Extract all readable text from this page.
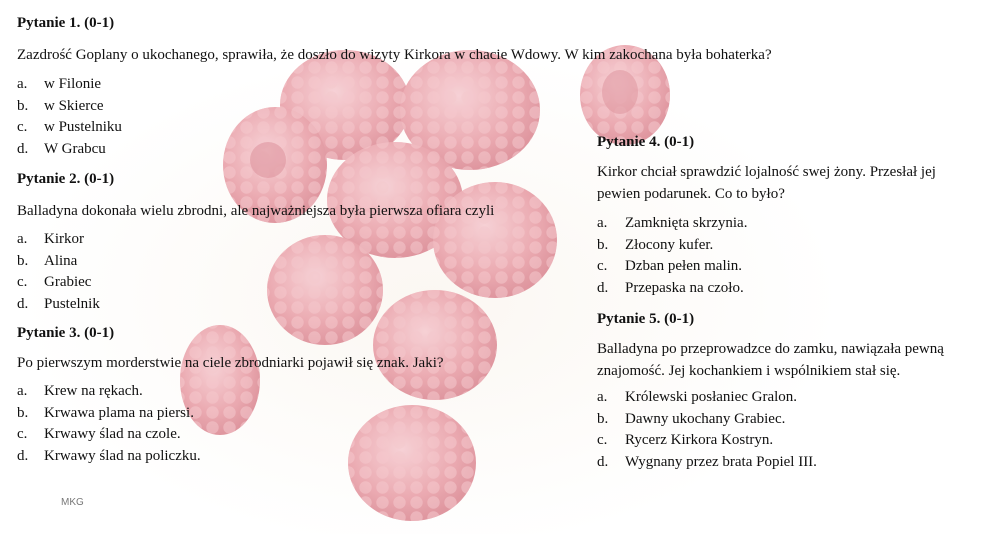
Pytanie 1. (0-1)
Zazdrość Goplany o ukochanego, sprawiła, że doszło do wizyty Kirkora w chacie Wdowy. W kim zakochana była bohaterka?
a.	w Filonie
b.	w Skierce
c.	w Pustelniku
d.	W Grabcu
Pytanie 2. (0-1)
Balladyna dokonała wielu zbrodni, ale najważniejsza była pierwsza ofiara czyli
a.	Kirkor
b.	Alina
c.	Grabiec
d.	Pustelnik
Pytanie 3. (0-1)
Po pierwszym morderstwie na ciele zbrodniarki pojawił się znak. Jaki?
a.	Krew na rękach.
b.	Krwawa plama na piersi.
c.	Krwawy ślad na czole.
d.	Krwawy ślad na policzku.
Pytanie 4. (0-1)
Kirkor chciał sprawdzić lojalność swej żony. Przesłał jej pewien podarunek. Co to było?
a.	Zamknięta skrzynia.
b.	Złocony kufer.
c.	Dzban pełen malin.
d.	Przepaska na czoło.
Pytanie 5. (0-1)
Balladyna po przeprowadzce do zamku, nawiązała pewną znajomość. Jej kochankiem i wspólnikiem stał się.
a.	Królewski posłaniec Gralon.
b.	Dawny ukochany Grabiec.
c.	Rycerz Kirkora Kostryn.
d.	Wygnany przez brata Popiel III.
MKG
